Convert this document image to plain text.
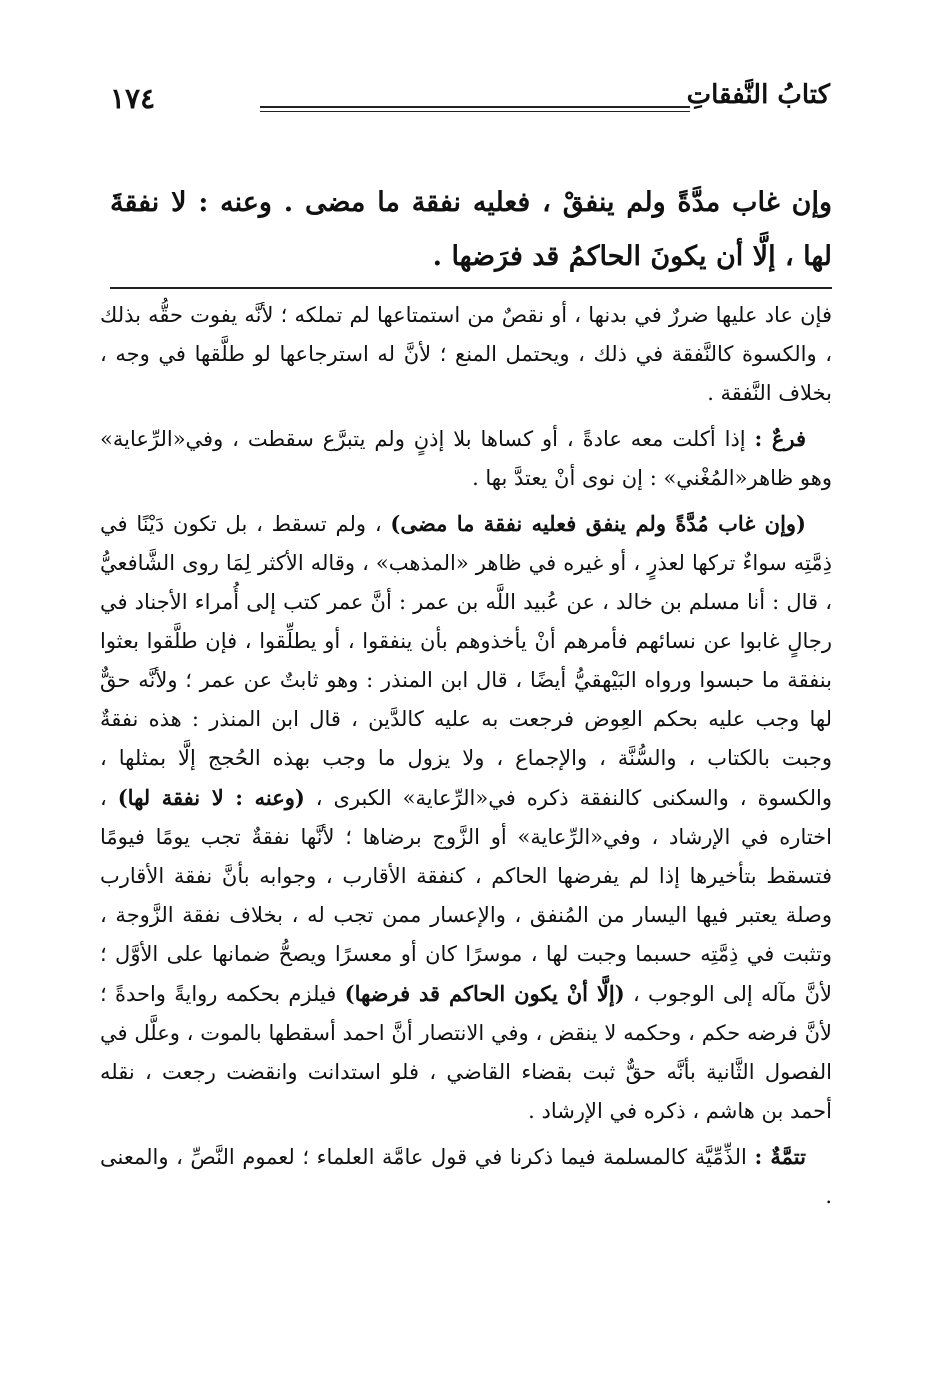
١٧٤	كتابُ النَّفقاتِ
وإن غاب مدَّةً ولم ينفقْ ، فعليه نفقة ما مضى . وعنه : لا نفقةَ لها ، إلَّا أن يكونَ الحاكمُ قد فرَضها .

فإن عاد عليها ضررٌ في بدنها ، أو نقصٌ من استمتاعها لم تملكه ؛ لأنَّه يفوت حقُّه بذلك ، والكسوة كالنَّفقة في ذلك ، ويحتمل المنع ؛ لأنَّ له استرجاعها لو طلَّقها في وجه ، بخلاف النَّفقة .

فرعٌ : إذا أكلت معه عادةً ، أو كساها بلا إذنٍ ولم يتبرَّع سقطت ، وفي«الرِّعاية» وهو ظاهر«المُغْني» : إن نوى أنْ يعتدَّ بها .

(وإن غاب مُدَّةً ولم ينفق فعليه نفقة ما مضى) ، ولم تسقط ، بل تكون دَيْنًا في ذِمَّتِه سواءٌ تركها لعذرٍ ، أو غيره في ظاهر «المذهب» ، وقاله الأكثر لِمَا روى الشَّافعيُّ ، قال : أنا مسلم بن خالد ، عن عُبيد اللَّه بن عمر : أنَّ عمر كتب إلى أُمراء الأجناد في رجالٍ غابوا عن نسائهم فأمرهم أنْ يأخذوهم بأن ينفقوا ، أو يطلِّقوا ، فإن طلَّقوا بعثوا بنفقة ما حبسوا ورواه البَيْهقيُّ أيضًا ، قال ابن المنذر : وهو ثابتٌ عن عمر ؛ ولأنَّه حقٌّ لها وجب عليه بحكم العِوض فرجعت به عليه كالدَّين ، قال ابن المنذر : هذه نفقةٌ وجبت بالكتاب ، والسُّنَّة ، والإجماع ، ولا يزول ما وجب بهذه الحُجج إلَّا بمثلها ، والكسوة ، والسكنى كالنفقة ذكره في«الرِّعاية» الكبرى ، (وعنه : لا نفقة لها) ، اختاره في الإرشاد ، وفي«الرِّعاية» أو الزَّوج برضاها ؛ لأنَّها نفقةٌ تجب يومًا فيومًا فتسقط بتأخيرها إذا لم يفرضها الحاكم ، كنفقة الأقارب ، وجوابه بأنَّ نفقة الأقارب وصلة يعتبر فيها اليسار من المُنفق ، والإعسار ممن تجب له ، بخلاف نفقة الزَّوجة ، وتثبت في ذِمَّتِه حسبما وجبت لها ، موسرًا كان أو معسرًا ويصحُّ ضمانها على الأوَّل ؛ لأنَّ مآله إلى الوجوب ، (إلَّا أنْ يكون الحاكم قد فرضها) فيلزم بحكمه روايةً واحدةً ؛ لأنَّ فرضه حكم ، وحكمه لا ينقض ، وفي الانتصار أنَّ احمد أسقطها بالموت ، وعلَّل في الفصول الثَّانية بأنَّه حقٌّ ثبت بقضاء القاضي ، فلو استدانت وانقضت رجعت ، نقله أحمد بن هاشم ، ذكره في الإرشاد .

تتمَّةٌ : الذِّمِّيَّة كالمسلمة فيما ذكرنا في قول عامَّة العلماء ؛ لعموم النَّصِّ ، والمعنى .
